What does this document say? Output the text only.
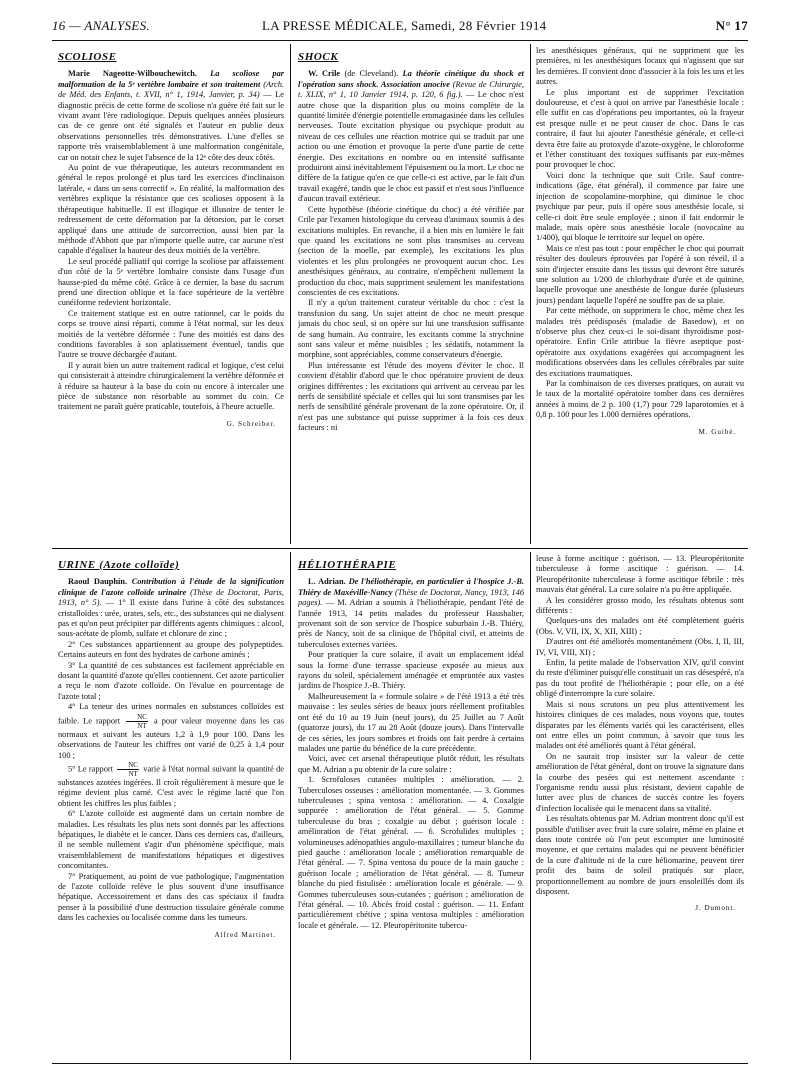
16 — ANALYSES.	LA PRESSE MÉDICALE, Samedi, 28 Février 1914	N° 17
SCOLIOSE

Marie Nageotte-Wilbouchewitch. La scoliose par malformation de la 5ᵉ vertèbre lombaire et son traitement (Arch. de Méd. des Enfants, t. XVII, n° 1, 1914, Janvier, p. 34) — Le diagnostic précis de cette forme de scoliose n'a guère été fait sur le vivant avant l'ère radiologique. Depuis quelques années plusieurs cas de ce genre ont été signalés et l'auteur en publie deux observations personnelles très démonstratives. L'une d'elles se rapporte très vraisemblablement à une malformation congénitale, car on notait chez le sujet l'absence de la 12ᵉ côte des deux côtés.

Au point de vue thérapeutique, les auteurs recommandent en général le repos prolongé et plus tard les exercices d'inclinaison latérale, « dans un sens correctif ». En réalité, la malformation des vertèbres explique la résistance que ces scolioses opposent à la thérapeutique habituelle. Il est illogique et illusoire de tenter le redressement de cette déformation par la détorsion, par le corset appliqué dans une attitude de surcorrection, aussi bien par la méthode d'Abbott que par n'importe quelle autre, car aucune n'est capable d'égaliser la hauteur des deux moitiés de la vertèbre.

Le seul procédé palliatif qui corrige la scoliose par affaissement d'un côté de la 5ᵉ vertèbre lombaire consiste dans l'usage d'un hausse-pied du même côté. Grâce à ce dernier, la base du sacrum prend une direction oblique et la face supérieure de la vertèbre cunéiforme redevient horizontale.

Ce traitement statique est en outre rationnel, car le poids du corps se trouve ainsi réparti, comme à l'état normal, sur les deux moitiés de la vertèbre déformée : l'une des moitiés est dans des conditions favorables à son aplatissement éventuel, tandis que l'autre se trouve déchargée d'autant.

Il y aurait bien un autre traitement radical et logique, c'est celui qui consisterait à atteindre chirurgicalement la vertèbre déformée et à réduire sa hauteur à la base du coin ou encore à intercaler une pièce de substance non résorbable au sommet du coin. Ce traitement ne paraît guère praticable, toutefois, à l'heure actuelle.

G. Schreiber.
SHOCK

W. Crile (de Cleveland). La théorie cinétique du shock et l'opération sans shock. Association anocive (Revue de Chirurgie, t. XLIX, n° 1, 10 Janvier 1914, p. 120, 6 fig.). — Le choc n'est autre chose que la disparition plus ou moins complète de la quantité limitée d'énergie potentielle emmagasinée dans les cellules nerveuses. Toute excitation physique ou psychique produit au niveau de ces cellules une réaction motrice qui se traduit par une action ou une émotion et provoque la perte d'une partie de cette énergie. Des excitations en nombre ou en intensité suffisante produiront ainsi inévitablement l'épuisement ou la mort. Le choc ne diffère de la fatigue qu'en ce que celle-ci est active, par le fait d'un travail exagéré, tandis que le choc est passif et n'est sous l'influence d'aucun travail extérieur.

Cette hypothèse (théorie cinétique du choc) a été vérifiée par Crile par l'examen histologique du cerveau d'animaux soumis à des excitations multiples. En revanche, il a bien mis en lumière le fait que quand les excitations ne sont plus transmises au cerveau (section de la moelle, par exemple), les excitations les plus violentes et les plus prolongées ne provoquent aucun choc. Les anesthésiques généraux, au contraire, n'empêchent nullement la production du choc, mais suppriment seulement les manifestations conscientes de ces excitations.

Il n'y a qu'un traitement curateur véritable du choc : c'est la transfusion du sang. Un sujet atteint de choc ne meurt presque jamais du choc seul, si on opère sur lui une transfusion suffisante de sang humain. Au contraire, les excitants comme la strychnine sont sans valeur et même nuisibles ; les sédatifs, notamment la morphine, sont appréciables, comme conservateurs d'énergie.

Plus intéressante est l'étude des moyens d'éviter le choc. Il convient d'établir d'abord que le choc opératoire provient de deux origines différentes : les excitations qui arrivent au cerveau par les nerfs de sensibilité spéciale et celles qui lui sont transmises par les nerfs de sensibilité générale provenant de la zone opératoire. Or, il n'est pas une substance qui puisse supprimer à la fois ces deux facteurs : ni

les anesthésiques généraux, qui ne suppriment que les premières, ni les anesthésiques locaux qui n'agissent que sur les dernières. Il convient donc d'associer à la fois les uns et les autres.

Le plus important est de supprimer l'excitation douloureuse, et c'est à quoi on arrive par l'anesthésie locale : elle suffit en cas d'opérations peu importantes, où la frayeur est presque nulle et ne peut causer de choc. Dans le cas contraire, il faut lui ajouter l'anesthésie générale, et celle-ci devra être faite au protoxyde d'azote-oxygène, le chloroforme et l'éther constituant des toxiques suffisants par eux-mêmes pour provoquer le choc.

Voici donc la technique que suit Crile. Sauf contre-indications (âge, état général), il commence par faire une injection de scopolamine-morphine, qui diminue le choc psychique par peur, puis il opère sous anesthésie locale, si celle-ci doit être seule employée ; sinon il fait endormir le malade, mais opère sous anesthésie locale (novocaïne au 1/400), qui bloque le territoire sur lequel on opère.

Mais ce n'est pas tout : pour empêcher le choc qui pourrait résulter des douleurs éprouvées par l'opéré à son réveil, il a soin d'injecter ensuite dans les tissus qui devront être suturés une solution au 1/200 de chlorhydrate d'urée et de quinine, laquelle provoque une anesthésie de longue durée (plusieurs jours) pendant laquelle l'opéré ne souffre pas de sa plaie.

Par cette méthode, on supprimera le choc, même chez les malades très prédisposés (maladie de Basedow), et on n'observe plus chez ceux-ci le soi-disant thyroïdisme post-opératoire. Enfin Crile attribue la fièvre aseptique post-opératoire aux oxydations exagérées qui accompagnent les modifications observées dans les cellules cérébrales par suite des excitations traumatiques.

Par la combinaison de ces diverses pratiques, on aurait vu le taux de la mortalité opératoire tomber dans ces dernières années à moins de 2 p. 100 (1,7) pour 729 laparotomies et à 0,8 p. 100 pour les 1.000 dernières opérations.

M. Guibé.
URINE (Azote colloïde)

Raoul Dauphin. Contribution à l'étude de la signification clinique de l'azote colloïde urinaire (Thèse de Doctorat, Paris, 1913, n° 5). — 1° Il existe dans l'urine à côté des substances cristalloïdes : urée, urates, sels, etc., des substances qui ne dialysent pas et qu'on peut précipiter par différents agents chimiques : alcool, sous-acétate de plomb, sulfate et chlorure de zinc ;

2° Ces substances appartiennent au groupe des polypeptides. Certains auteurs en font des hydrates de carbone aminés ;

3° La quantité de ces substances est facilement appréciable en dosant la quantité d'azote qu'elles contiennent. Cet azote particulier a reçu le nom d'azote colloïde. On l'évalue en pourcentage de l'azote total ;

4° La teneur des urines normales en substances colloïdes est faible. Le rapport $\frac{NC}{NT}$ a pour valeur moyenne dans les cas normaux et suivant les auteurs 1,2 à 1,9 pour 100. Dans les observations de l'auteur les chiffres ont varié de 0,25 à 1,4 pour 100 ;

5° Le rapport $\frac{NC}{NT}$ varie à l'état normal suivant la quantité de substances azotées ingérées. Il croît régulièrement à mesure que le régime devient plus carné. C'est avec le régime lacté que l'on obtient les chiffres les plus faibles ;

6° L'azote colloïde est augmenté dans un certain nombre de maladies. Les résultats les plus nets sont donnés par les affections hépatiques, le diabète et le cancer. Dans ces derniers cas, d'ailleurs, il ne semble nullement s'agir d'un phénomène spécifique, mais vraisemblablement de manifestations hépatiques et digestives concomitantes.

7° Pratiquement, au point de vue pathologique, l'augmentation de l'azote colloïde relève le plus souvent d'une insuffisance hépatique. Accessoirement et dans des cas spéciaux il faudra penser à la possibilité d'une destruction tissulaire générale comme dans les cachexies ou localisée comme dans les tumeurs.

Alfred Martinet.
HÉLIOTHÉRAPIE

L. Adrian. De l'héliothérapie, en particulier à l'hospice J.-B. Thiéry de Maxéville-Nancy (Thèse de Doctorat, Nancy, 1913, 146 pages). — M. Adrian a soumis à l'héliothérapie, pendant l'été de l'année 1913, 14 petits malades du professeur Haushalter, provenant soit de son service de l'hospice suburbain J.-B. Thiéry, près de Nancy, soit de sa clinique de l'hôpital civil, et atteints de tuberculoses externes variées.

Pour pratiquer la cure solaire, il avait un emplacement idéal sous la forme d'une terrasse spacieuse exposée au mieux aux rayons du soleil, spécialement aménagée et empruntée aux vastes jardins de l'hospice J.-B. Thiéry.

Malheureusement la « formule solaire » de l'été 1913 a été très mauvaise : les seules séries de beaux jours réellement profitables ont été du 10 au 19 Juin (neuf jours), du 25 Juillet au 7 Août (quatorze jours), du 17 au 28 Août (douze jours). Dans l'intervalle de ces séries, les jours sombres et froids ont fait perdre à certains malades une partie du bénéfice de la cure précédente.

Voici, avec cet arsenal thérapeutique plutôt réduit, les résultats que M. Adrian a pu obtenir de la cure solaire :

1. Scrofuloses cutanées multiples : amélioration. — 2. Tuberculoses osseuses : amélioration momentanée. — 3. Gommes tuberculeuses ; spina ventosa : amélioration. — 4. Coxalgie suppurée : amélioration de l'état général. — 5. Gomme tuberculeuse du bras ; coxalgie au début ; guérison locale : amélioration de l'état général. — 6. Scrofulides multiples ; volumineuses adénopathies angulo-maxillaires ; tumeur blanche du pied gauche : amélioration locale ; amélioration remarquable de l'état général. — 7. Spina ventosa du pouce de la main gauche : guérison locale ; amélioration de l'état général. — 8. Tumeur blanche du pied fistulisée : amélioration locale et générale. — 9. Gommes tuberculeuses sous-cutanées ; guérison ; amélioration de l'état général. — 10. Abcès froid costal : guérison. — 11. Enfant particulièrement chétive ; spina ventosa multiples : amélioration locale et générale. — 12. Pleuropéritonite tubercu-

leuse à forme ascitique : guérison. — 13. Pleuropéritonite tuberculeuse à forme ascitique : guérison. — 14. Pleuropéritonite tuberculeuse à forme ascitique fébrile : très mauvais état général. La cure solaire n'a pu être appliquée.

A les considérer grosso modo, les résultats obtenus sont différents :

Quelques-uns des malades ont été complètement guéris (Obs. V, VII, IX, X, XII, XIII) ;

D'autres ont été améliorés momentanément (Obs. I, II, III, IV, VI, VIII, XI) ;

Enfin, la petite malade de l'observation XIV, qu'il convint du reste d'éliminer puisqu'elle constituait un cas désespéré, n'a pas du tout profité de l'héliothérapie ; pour elle, on a été obligé d'interrompre la cure solaire.

Mais si nous scrutons un peu plus attentivement les histoires cliniques de ces malades, nous voyons que, toutes disparates par les éléments variés qui les caractérisent, elles ont entre elles un point commun, à savoir que tous les malades ont été améliorés quant à l'état général.

On ne saurait trop insister sur la valeur de cette amélioration de l'état général, dont on trouve la signature dans la courbe des pesées qui est nettement ascendante : l'organisme rendu aussi plus résistant, devient capable de lutter avec plus de chances de succès contre les foyers d'infection localisée qui le menacent dans sa vitalité.

Les résultats obtenus par M. Adrian montrent donc qu'il est possible d'utiliser avec fruit la cure solaire, même en plaine et dans toute contrée où l'on peut escompter une luminosité moyenne, et que certains malades qui ne peuvent bénéficier de la cure d'altitude ni de la cure héliomarine, peuvent tirer profit des bains de soleil pratiqués sur place, proportionnellement au nombre de jours ensoleillés dont ils disposent.

J. Dumont.
